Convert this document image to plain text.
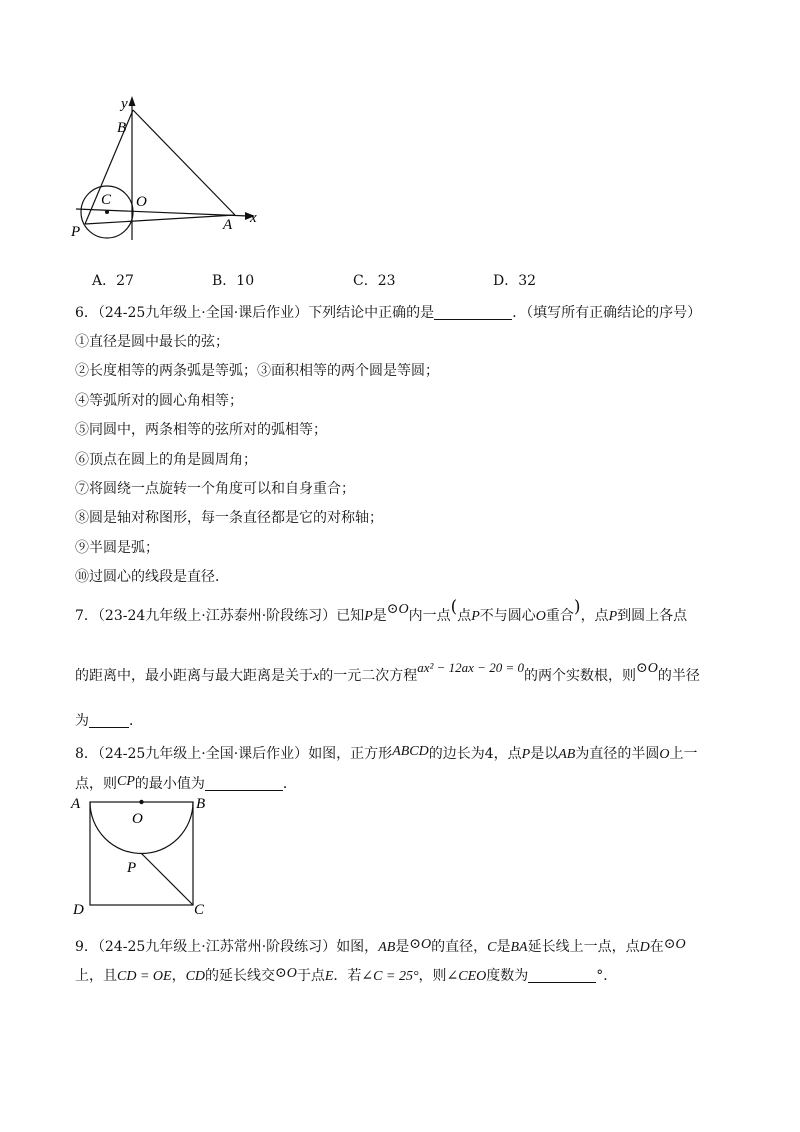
y
B
C O
A x
P
A．27	B．10	C．23	D．32
6．（24-25九年级上·全国·课后作业）下列结论中正确的是	．（填写所有正确结论的序号）
①直径是圆中最长的弦；
②长度相等的两条弧是等弧；③面积相等的两个圆是等圆；
④等弧所对的圆心角相等；
⑤同圆中，两条相等的弦所对的弧相等；
⑥顶点在圆上的角是圆周角；
⑦将圆绕一点旋转一个角度可以和自身重合；
⑧圆是轴对称图形，每一条直径都是它的对称轴；
⑨半圆是弧；
⑩过圆心的线段是直径．
7．（23-24九年级上·江苏泰州·阶段练习）已知P是⊙O内一点(点P不与圆心O重合)，点P到圆上各点
的距离中，最小距离与最大距离是关于x的一元二次方程ax² − 12ax − 20 = 0的两个实数根，则⊙O的半径
为	．
8．（24-25九年级上·全国·课后作业）如图，正方形ABCD的边长为4，点P是以AB为直径的半圆O上一
点，则CP的最小值为	．
A	B
O
P
D	C
9．（24-25九年级上·江苏常州·阶段练习）如图，AB是⊙O的直径，C是BA延长线上一点，点D在⊙O
上，且CD = OE，CD的延长线交⊙O于点E．若∠C = 25°，则∠CEO度数为	°．
